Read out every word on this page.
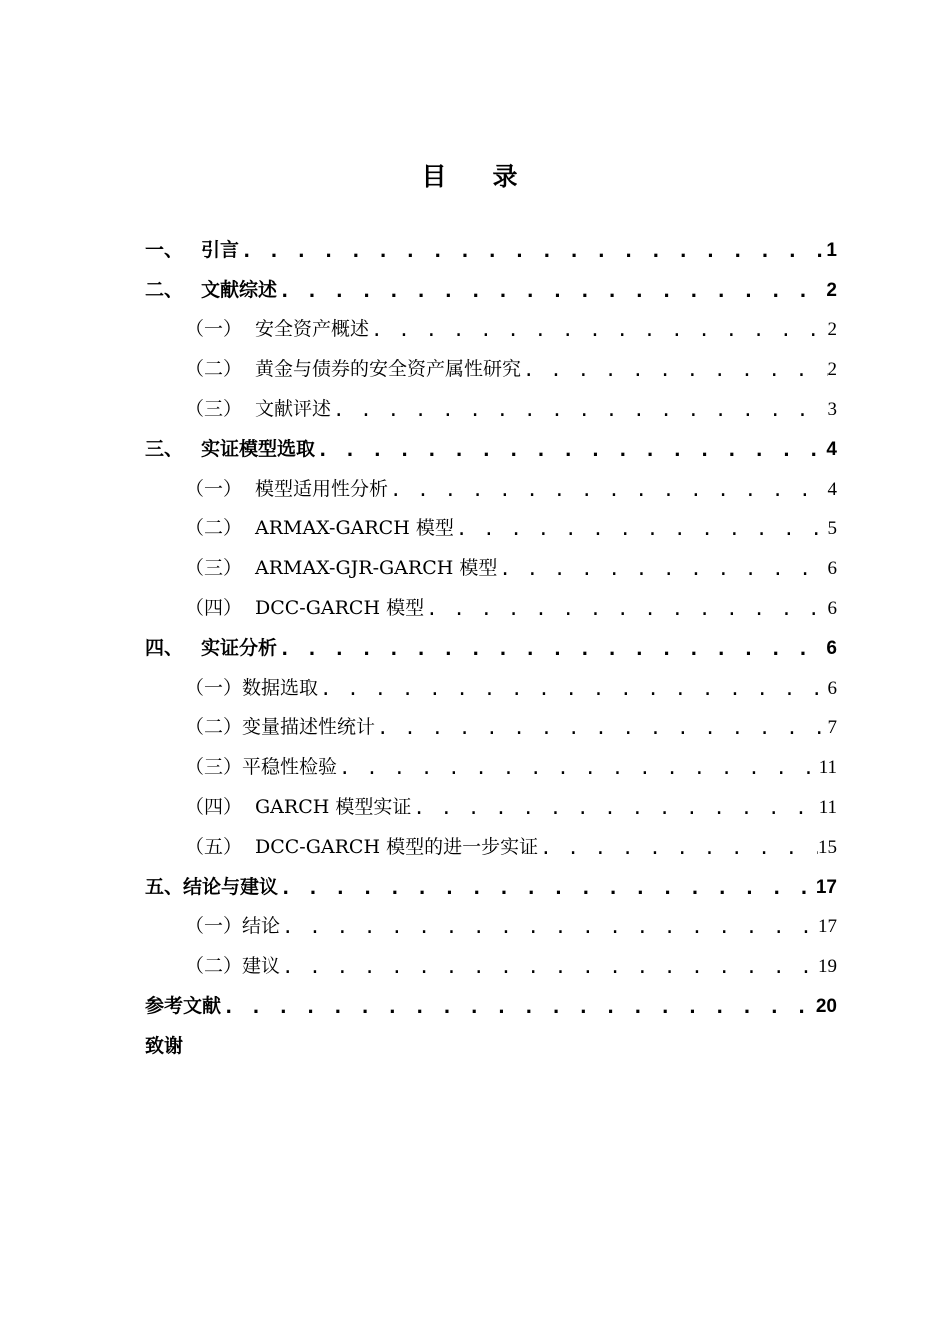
目录
一、 引言 . . .	1
二、 文献综述 . . .	2
（一） 安全资产概述 . . .	2
（二） 黄金与债券的安全资产属性研究 . . .	2
（三） 文献评述 . . .	3
三、 实证模型选取 . . .	4
（一） 模型适用性分析 . . .	4
（二） ARMAX-GARCH 模型 . . .	5
（三） ARMAX-GJR-GARCH 模型 . . .	6
（四） DCC-GARCH 模型 . . .	6
四、 实证分析 . . .	6
（一） 数据选取 . . .	6
（二） 变量描述性统计 . . .	7
（三） 平稳性检验 . . .	11
（四） GARCH 模型实证 . . .	11
（五） DCC-GARCH 模型的进一步实证 . . .	15
五、 结论与建议 . . .	17
（一） 结论 . . .	17
（二） 建议 . . .	19
参考文献 . . .	20
致谢
